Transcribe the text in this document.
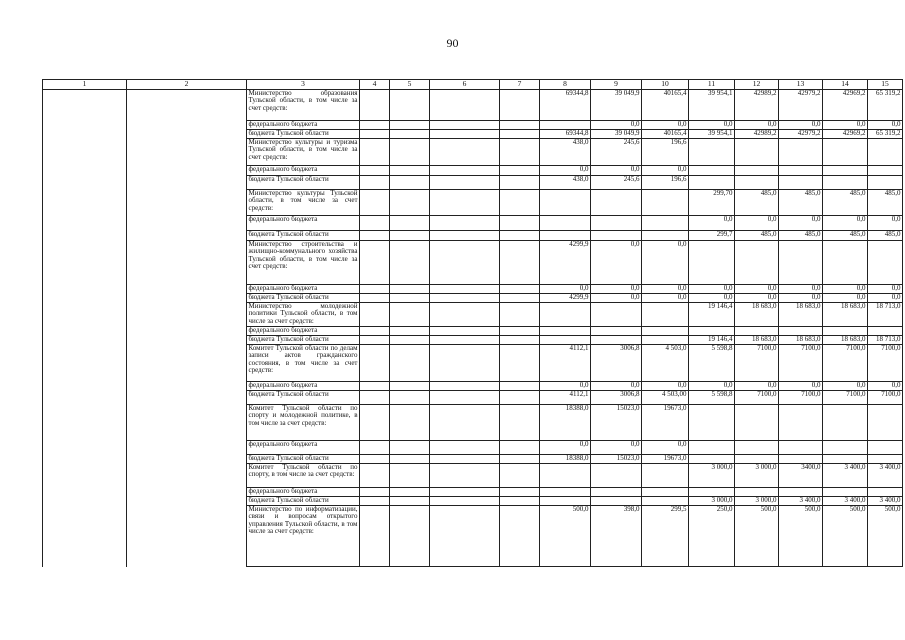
90
1	2	3	4	5	6	7	8	9	10	11	12	13	14	15
		Министерство образования Тульской области, в том числе за счет средств:					69344,8	39 049,9	40165,4	39 954,1	42989,2	42979,2	42969,2	65 319,2
		федерального бюджета						0,0	0,0	0,0	0,0	0,0	0,0	0,0
		бюджета Тульской области					69344,8	39 049,9	40165,4	39 954,1	42989,2	42979,2	42969,2	65 319,2
		Министерство культуры и туризма Тульской области, в том числе за счет средств:					438,0	245,6	196,6					
		федерального бюджета					0,0	0,0	0,0					
		бюджета Тульской области					438,0	245,6	196,6					
		Министерство культуры Тульской области, в том числе за счет средств:								299,70	485,0	485,0	485,0	485,0
		федерального бюджета								0,0	0,0	0,0	0,0	0,0
		бюджета Тульской области								299,7	485,0	485,0	485,0	485,0
		Министерство строительства и жилищно-коммунального хозяйства Тульской области, в том числе за счет средств:					4299,9	0,0	0,0					
		федерального бюджета					0,0	0,0	0,0	0,0	0,0	0,0	0,0	0,0
		бюджета Тульской области					4299,9	0,0	0,0	0,0	0,0	0,0	0,0	0,0
		Министерство молодежной политики Тульской области, в том числе за счет средств:								19 146,4	18 683,0	18 683,0	18 683,0	18 713,0
		федерального бюджета												
		бюджета Тульской области								19 146,4	18 683,0	18 683,0	18 683,0	18 713,0
		Комитет Тульской области по делам записи актов гражданского состояния, в том числе за счет средств:					4112,1	3006,8	4 503,0	5 598,8	7100,0	7100,0	7100,0	7100,0
		федерального бюджета					0,0	0,0	0,0	0,0	0,0	0,0	0,0	0,0
		бюджета Тульской области					4112,1	3006,8	4 503,00	5 598,8	7100,0	7100,0	7100,0	7100,0
		Комитет Тульской области по спорту и молодежной политике, в том числе за счет средств:					18388,0	15023,0	19673,0					
		федерального бюджета					0,0	0,0	0,0					
		бюджета Тульской области					18388,0	15023,0	19673,0					
		Комитет Тульской области по спорту, в том числе за счет средств:								3 000,0	3 000,0	3400,0	3 400,0	3 400,0
		федерального бюджета												
		бюджета Тульской области								3 000,0	3 000,0	3 400,0	3 400,0	3 400,0
		Министерство по информатизации, связи и вопросам открытого управления Тульской области, в том числе за счет средств:					500,0	398,0	299,5	250,0	500,0	500,0	500,0	500,0
